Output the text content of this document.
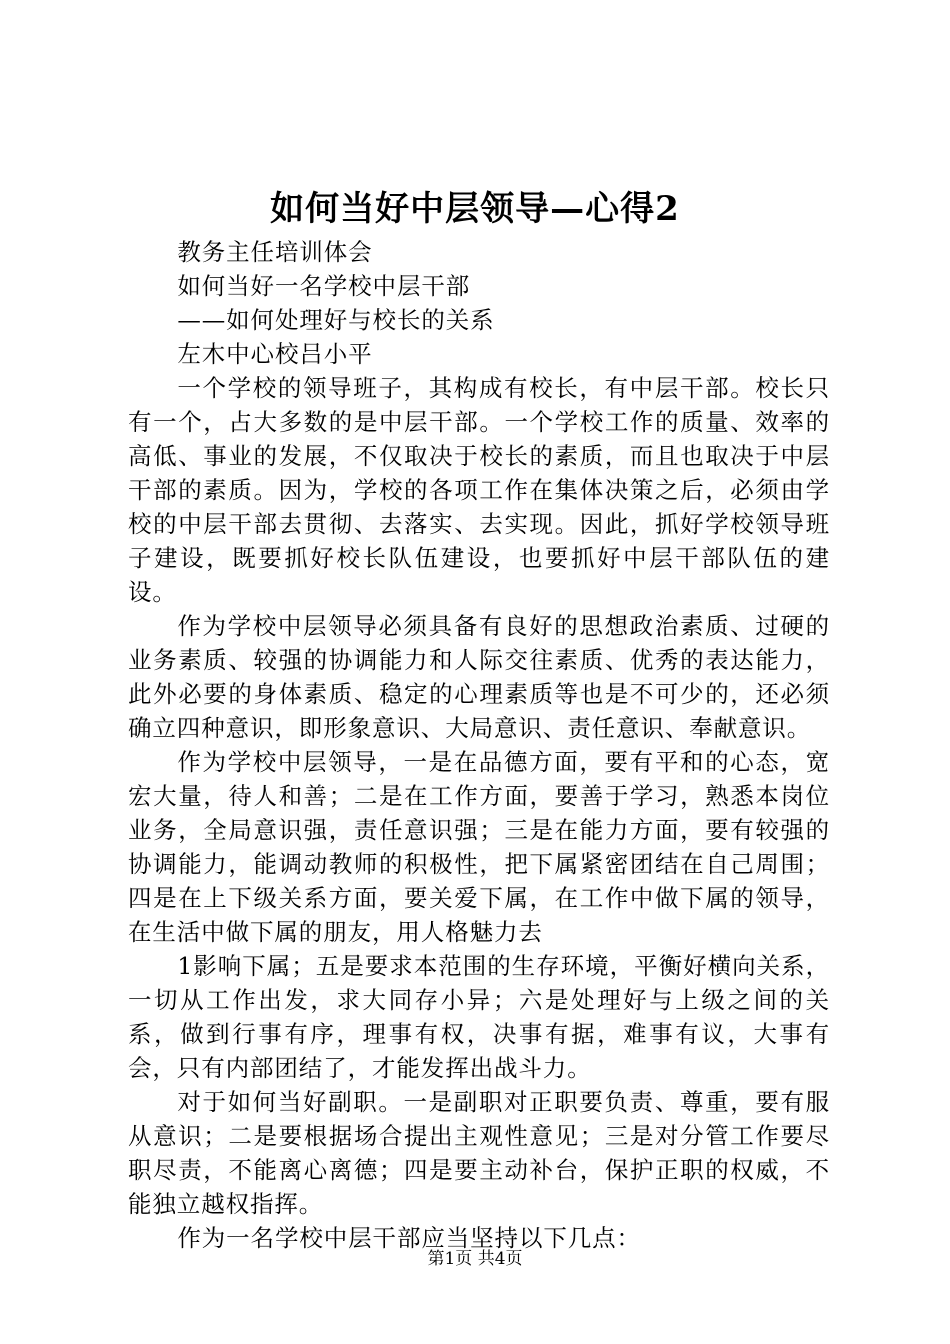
如何当好中层领导—心得2

教务主任培训体会

如何当好一名学校中层干部

——如何处理好与校长的关系

左木中心校吕小平

一个学校的领导班子，其构成有校长，有中层干部。校长只有一个，占大多数的是中层干部。一个学校工作的质量、效率的高低、事业的发展，不仅取决于校长的素质，而且也取决于中层干部的素质。因为，学校的各项工作在集体决策之后，必须由学校的中层干部去贯彻、去落实、去实现。因此，抓好学校领导班子建设，既要抓好校长队伍建设，也要抓好中层干部队伍的建设。

作为学校中层领导必须具备有良好的思想政治素质、过硬的业务素质、较强的协调能力和人际交往素质、优秀的表达能力，此外必要的身体素质、稳定的心理素质等也是不可少的，还必须确立四种意识，即形象意识、大局意识、责任意识、奉献意识。

作为学校中层领导，一是在品德方面，要有平和的心态，宽宏大量，待人和善；二是在工作方面，要善于学习，熟悉本岗位业务，全局意识强，责任意识强；三是在能力方面，要有较强的协调能力，能调动教师的积极性，把下属紧密团结在自己周围；四是在上下级关系方面，要关爱下属，在工作中做下属的领导，在生活中做下属的朋友，用人格魅力去

1影响下属；五是要求本范围的生存环境，平衡好横向关系，一切从工作出发，求大同存小异；六是处理好与上级之间的关系，做到行事有序，理事有权，决事有据，难事有议，大事有会，只有内部团结了，才能发挥出战斗力。

对于如何当好副职。一是副职对正职要负责、尊重，要有服从意识；二是要根据场合提出主观性意见；三是对分管工作要尽职尽责，不能离心离德；四是要主动补台，保护正职的权威，不能独立越权指挥。

作为一名学校中层干部应当坚持以下几点：

第1页 共4页
